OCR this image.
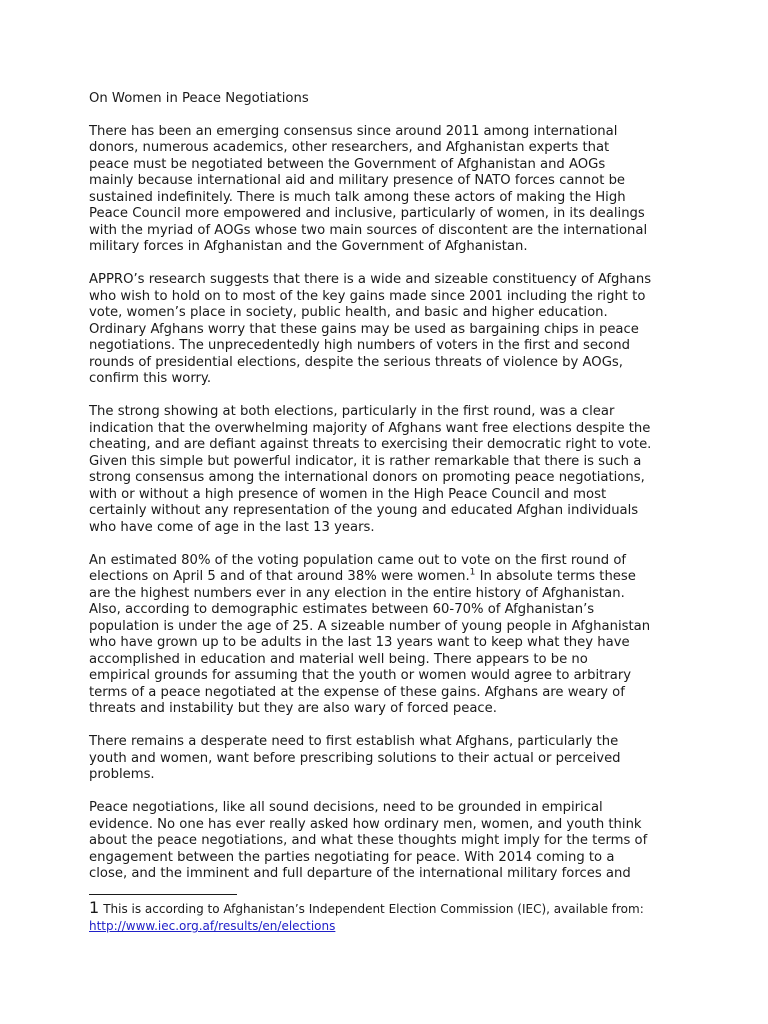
On Women in Peace Negotiations
There has been an emerging consensus since around 2011 among international
donors, numerous academics, other researchers, and Afghanistan experts that
peace must be negotiated between the Government of Afghanistan and AOGs
mainly because international aid and military presence of NATO forces cannot be
sustained indefinitely. There is much talk among these actors of making the High
Peace Council more empowered and inclusive, particularly of women, in its dealings
with the myriad of AOGs whose two main sources of discontent are the international
military forces in Afghanistan and the Government of Afghanistan.
APPRO’s research suggests that there is a wide and sizeable constituency of Afghans
who wish to hold on to most of the key gains made since 2001 including the right to
vote, women’s place in society, public health, and basic and higher education.
Ordinary Afghans worry that these gains may be used as bargaining chips in peace
negotiations. The unprecedentedly high numbers of voters in the first and second
rounds of presidential elections, despite the serious threats of violence by AOGs,
confirm this worry.
The strong showing at both elections, particularly in the first round, was a clear
indication that the overwhelming majority of Afghans want free elections despite the
cheating, and are defiant against threats to exercising their democratic right to vote.
Given this simple but powerful indicator, it is rather remarkable that there is such a
strong consensus among the international donors on promoting peace negotiations,
with or without a high presence of women in the High Peace Council and most
certainly without any representation of the young and educated Afghan individuals
who have come of age in the last 13 years.
An estimated 80% of the voting population came out to vote on the first round of
elections on April 5 and of that around 38% were women.$^1$ In absolute terms these
are the highest numbers ever in any election in the entire history of Afghanistan.
Also, according to demographic estimates between 60-70% of Afghanistan’s
population is under the age of 25. A sizeable number of young people in Afghanistan
who have grown up to be adults in the last 13 years want to keep what they have
accomplished in education and material well being. There appears to be no
empirical grounds for assuming that the youth or women would agree to arbitrary
terms of a peace negotiated at the expense of these gains. Afghans are weary of
threats and instability but they are also wary of forced peace.
There remains a desperate need to first establish what Afghans, particularly the
youth and women, want before prescribing solutions to their actual or perceived
problems.
Peace negotiations, like all sound decisions, need to be grounded in empirical
evidence. No one has ever really asked how ordinary men, women, and youth think
about the peace negotiations, and what these thoughts might imply for the terms of
engagement between the parties negotiating for peace. With 2014 coming to a
close, and the imminent and full departure of the international military forces and
1 This is according to Afghanistan’s Independent Election Commission (IEC), available from:
http://www.iec.org.af/results/en/elections
